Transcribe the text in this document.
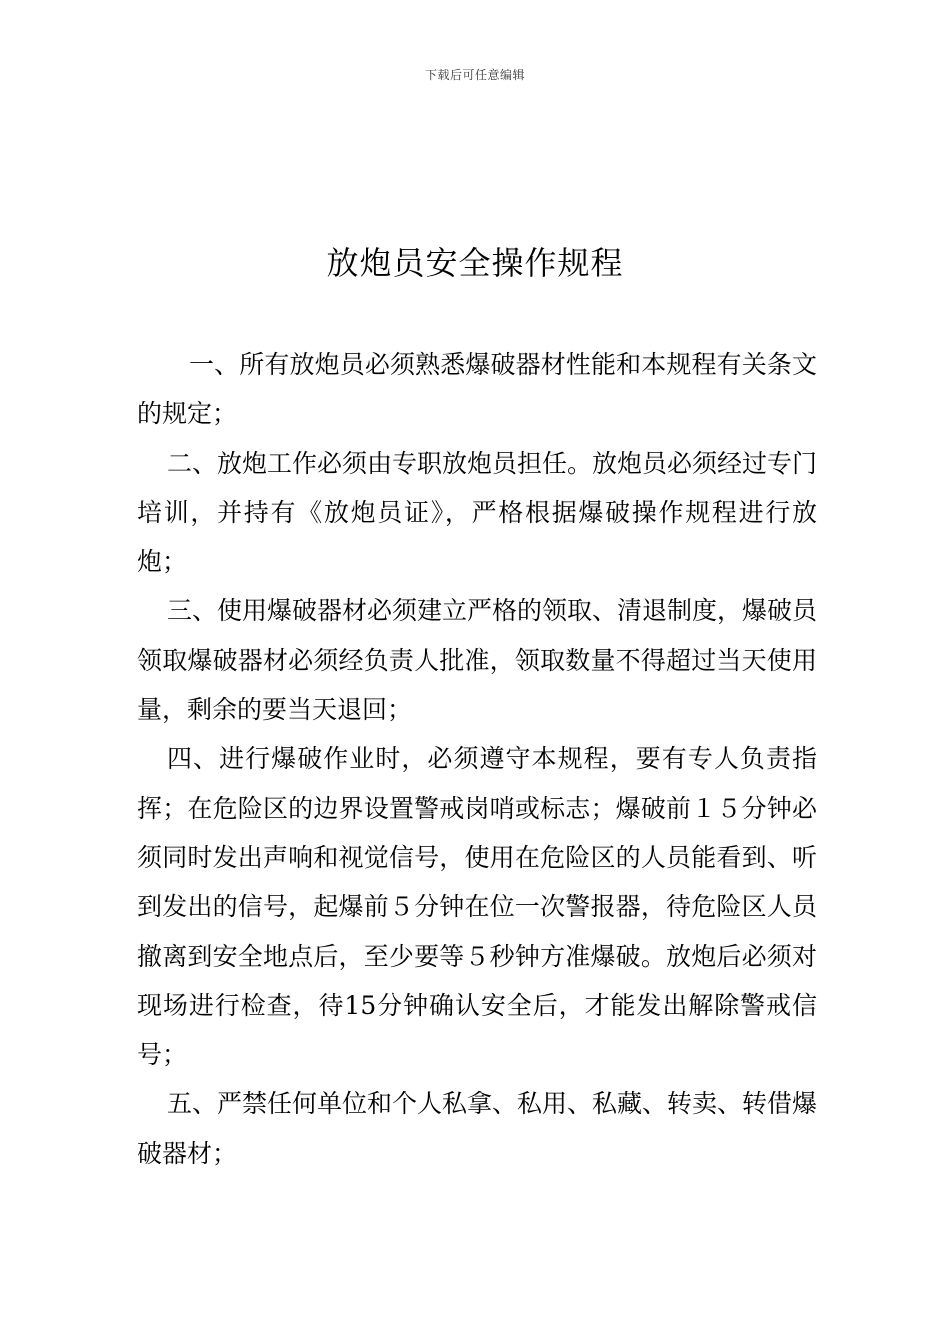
下载后可任意编辑
放炮员安全操作规程

一、所有放炮员必须熟悉爆破器材性能和本规程有关条文的规定；

二、放炮工作必须由专职放炮员担任。放炮员必须经过专门培训，并持有《放炮员证》，严格根据爆破操作规程进行放炮；

三、使用爆破器材必须建立严格的领取、清退制度，爆破员领取爆破器材必须经负责人批准，领取数量不得超过当天使用量，剩余的要当天退回；

四、进行爆破作业时，必须遵守本规程，要有专人负责指挥；在危险区的边界设置警戒岗哨或标志；爆破前１５分钟必须同时发出声响和视觉信号，使用在危险区的人员能看到、听到发出的信号，起爆前５分钟在位一次警报器，待危险区人员撤离到安全地点后，至少要等５秒钟方准爆破。放炮后必须对现场进行检查，待15分钟确认安全后，才能发出解除警戒信号；

五、严禁任何单位和个人私拿、私用、私藏、转卖、转借爆破器材；
